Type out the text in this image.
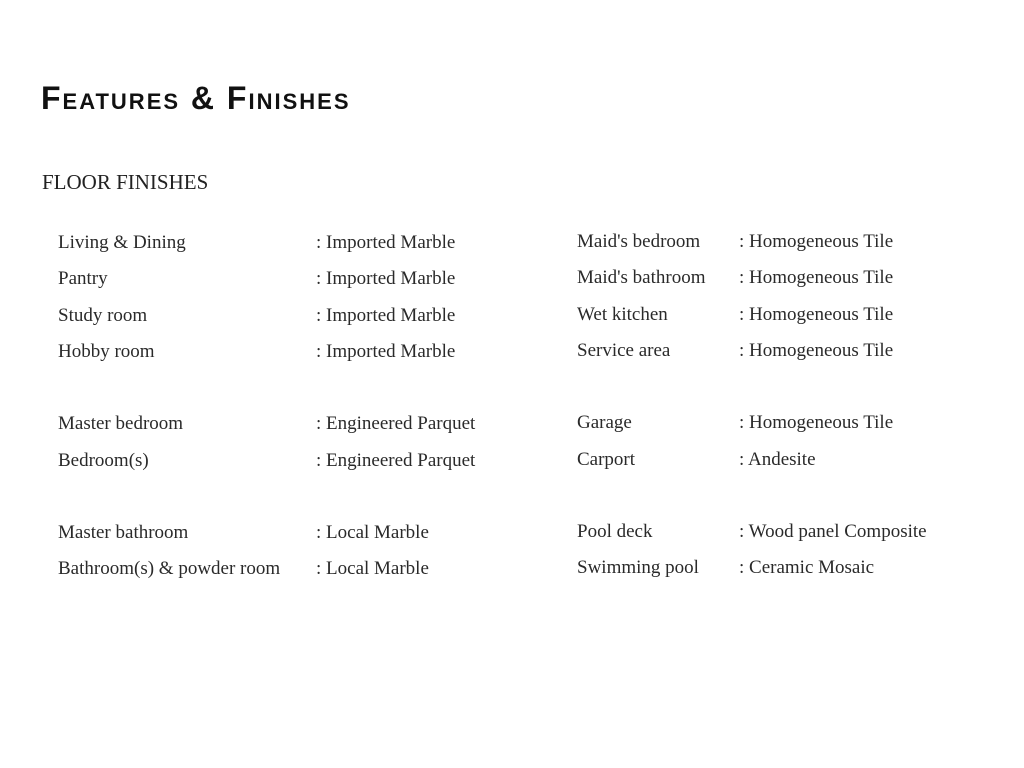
Features & Finishes
FLOOR FINISHES
Living & Dining	: Imported Marble
Pantry	: Imported Marble
Study room	: Imported Marble
Hobby room	: Imported Marble
Master bedroom	: Engineered Parquet
Bedroom(s)	: Engineered Parquet
Master bathroom	: Local Marble
Bathroom(s) & powder room : Local Marble
Maid's bedroom : Homogeneous Tile
Maid's bathroom : Homogeneous Tile
Wet kitchen	: Homogeneous Tile
Service area	: Homogeneous Tile
Garage	: Homogeneous Tile
Carport	: Andesite
Pool deck	: Wood panel Composite
Swimming pool : Ceramic Mosaic
